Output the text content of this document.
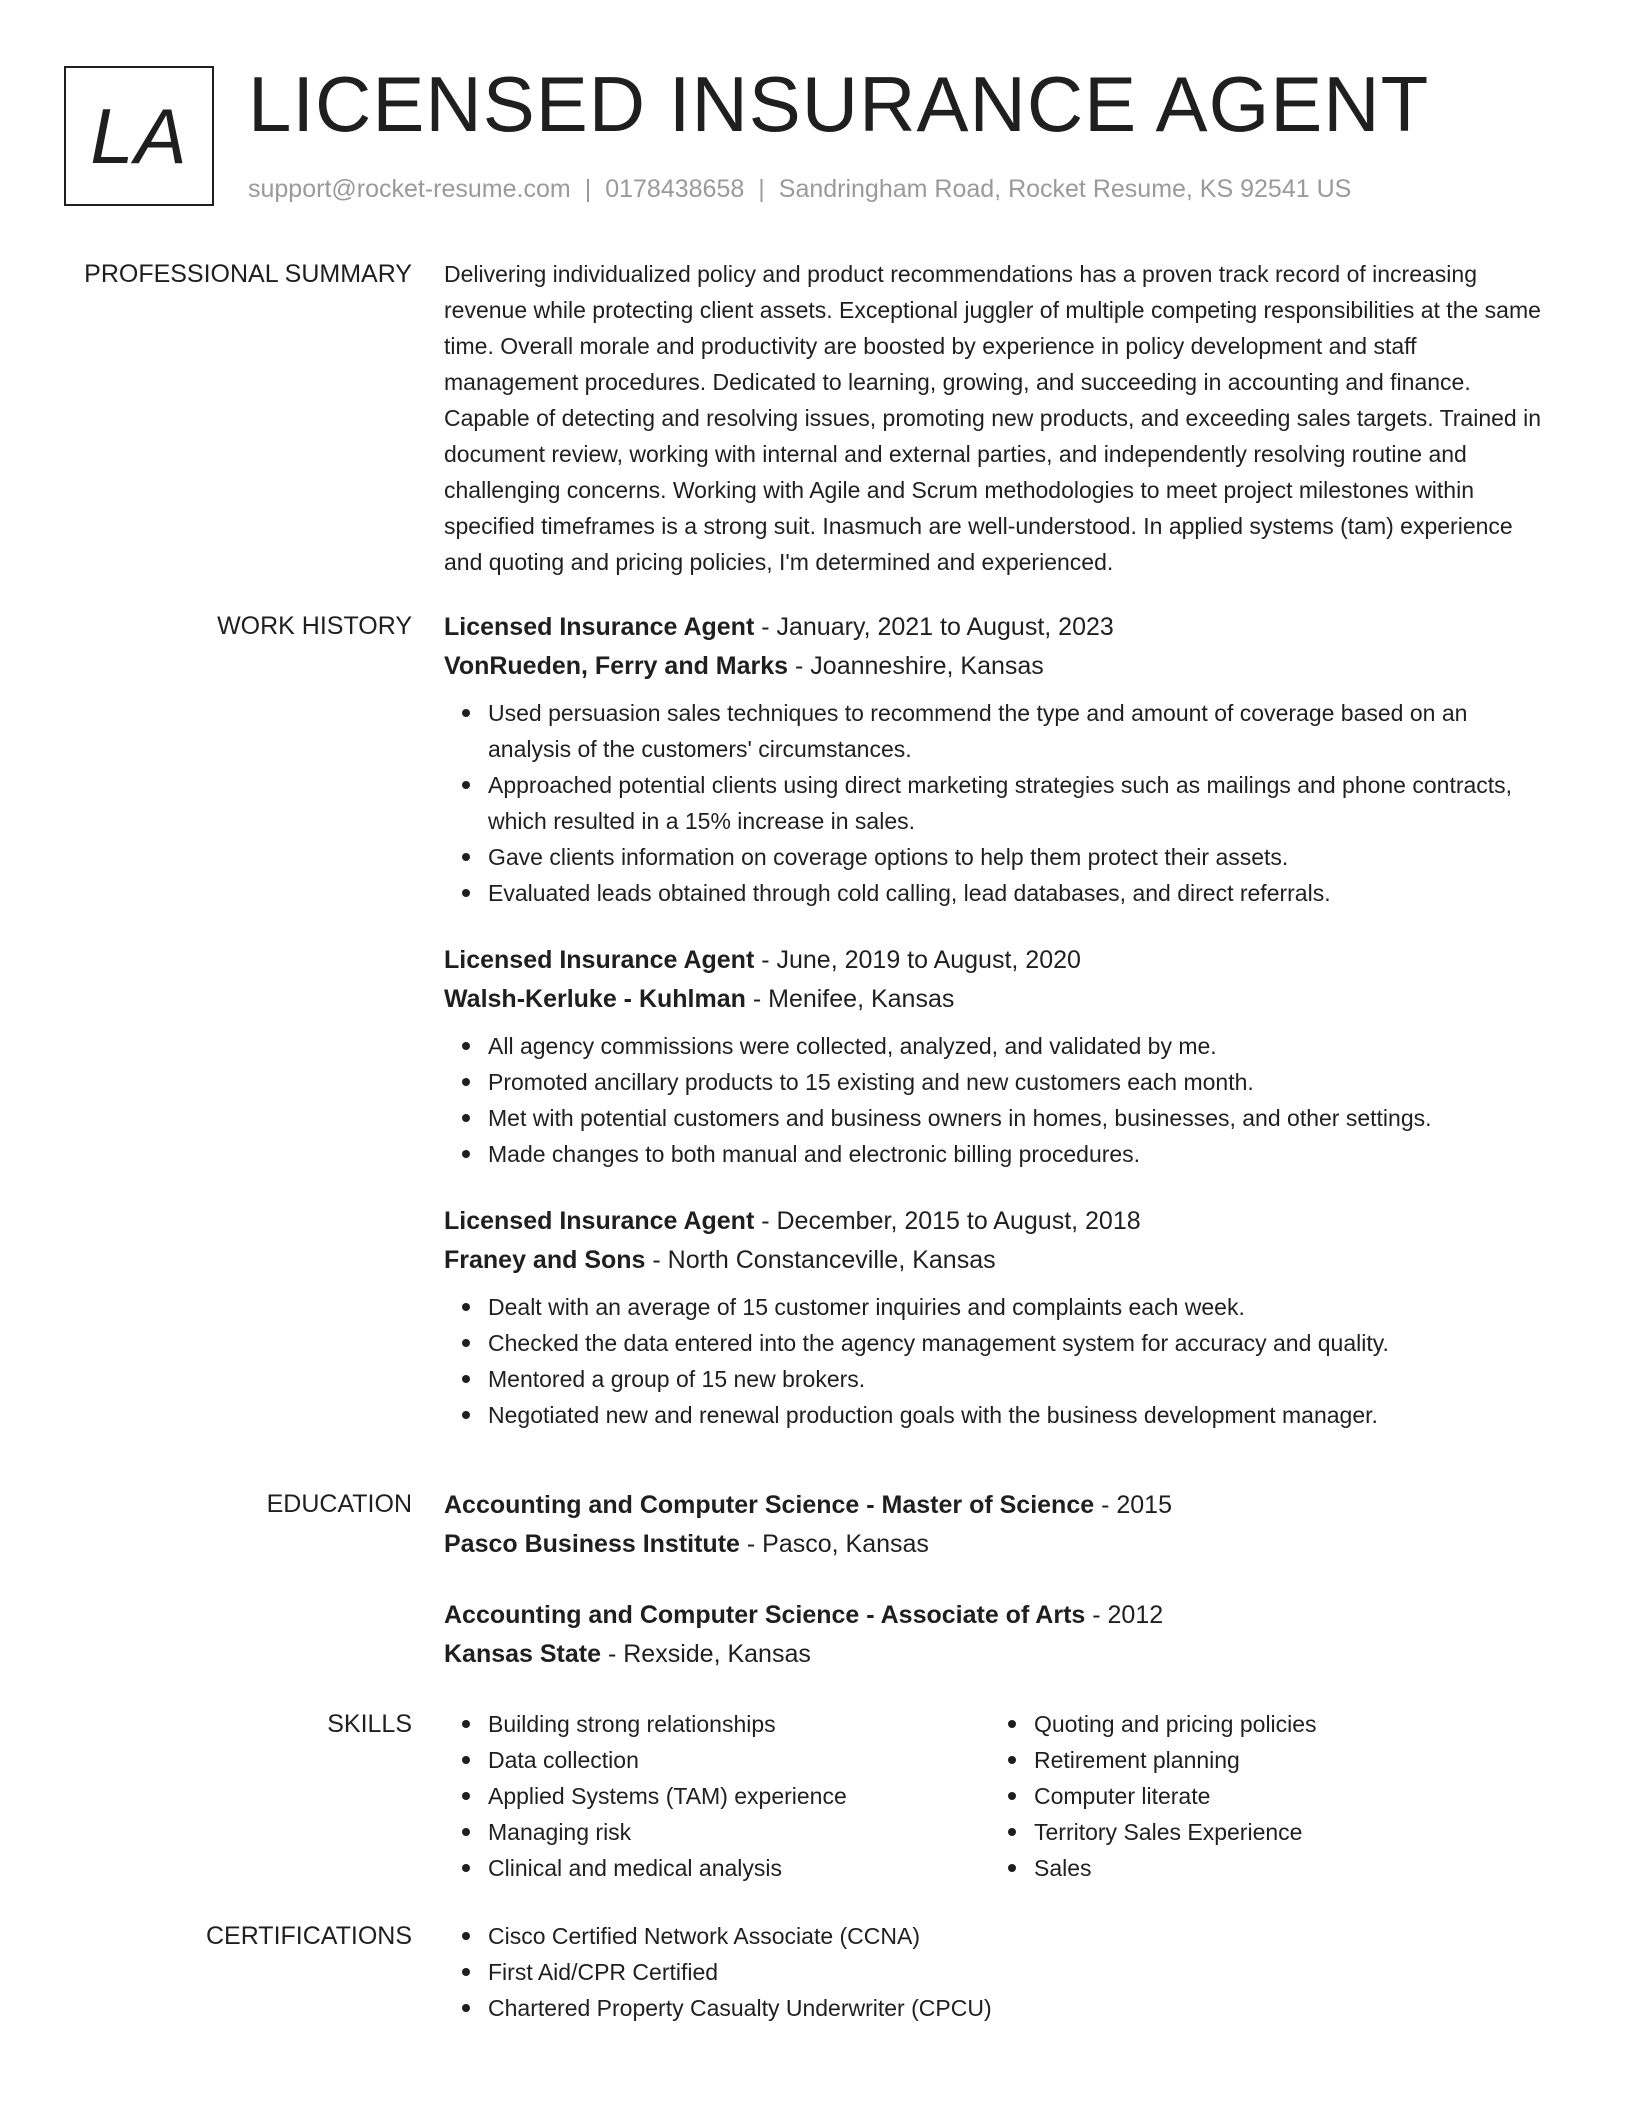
LA LICENSED INSURANCE AGENT
support@rocket-resume.com | 0178438658 | Sandringham Road, Rocket Resume, KS 92541 US
PROFESSIONAL SUMMARY Delivering individualized policy and product recommendations has a proven track record of increasing revenue while protecting client assets. Exceptional juggler of multiple competing responsibilities at the same time. Overall morale and productivity are boosted by experience in policy development and staff management procedures. Dedicated to learning, growing, and succeeding in accounting and finance. Capable of detecting and resolving issues, promoting new products, and exceeding sales targets. Trained in document review, working with internal and external parties, and independently resolving routine and challenging concerns. Working with Agile and Scrum methodologies to meet project milestones within specified timeframes is a strong suit. Inasmuch are well-understood. In applied systems (tam) experience and quoting and pricing policies, I'm determined and experienced.

WORK HISTORY Licensed Insurance Agent - January, 2021 to August, 2023
VonRueden, Ferry and Marks - Joanneshire, Kansas
Used persuasion sales techniques to recommend the type and amount of coverage based on an analysis of the customers' circumstances.
Approached potential clients using direct marketing strategies such as mailings and phone contracts, which resulted in a 15% increase in sales.
Gave clients information on coverage options to help them protect their assets.
Evaluated leads obtained through cold calling, lead databases, and direct referrals.
Licensed Insurance Agent - June, 2019 to August, 2020
Walsh-Kerluke - Kuhlman - Menifee, Kansas
All agency commissions were collected, analyzed, and validated by me.
Promoted ancillary products to 15 existing and new customers each month.
Met with potential customers and business owners in homes, businesses, and other settings.
Made changes to both manual and electronic billing procedures.
Licensed Insurance Agent - December, 2015 to August, 2018
Franey and Sons - North Constanceville, Kansas
Dealt with an average of 15 customer inquiries and complaints each week.
Checked the data entered into the agency management system for accuracy and quality.
Mentored a group of 15 new brokers.
Negotiated new and renewal production goals with the business development manager.
EDUCATION Accounting and Computer Science - Master of Science - 2015
Pasco Business Institute - Pasco, Kansas
Accounting and Computer Science - Associate of Arts - 2012
Kansas State - Rexside, Kansas
SKILLS	Building strong relationships
Data collection
Applied Systems (TAM) experience
Managing risk
Clinical and medical analysis
Quoting and pricing policies
Retirement planning
Computer literate
Territory Sales Experience
Sales
CERTIFICATIONS	Cisco Certified Network Associate (CCNA)
First Aid/CPR Certified
Chartered Property Casualty Underwriter (CPCU)
